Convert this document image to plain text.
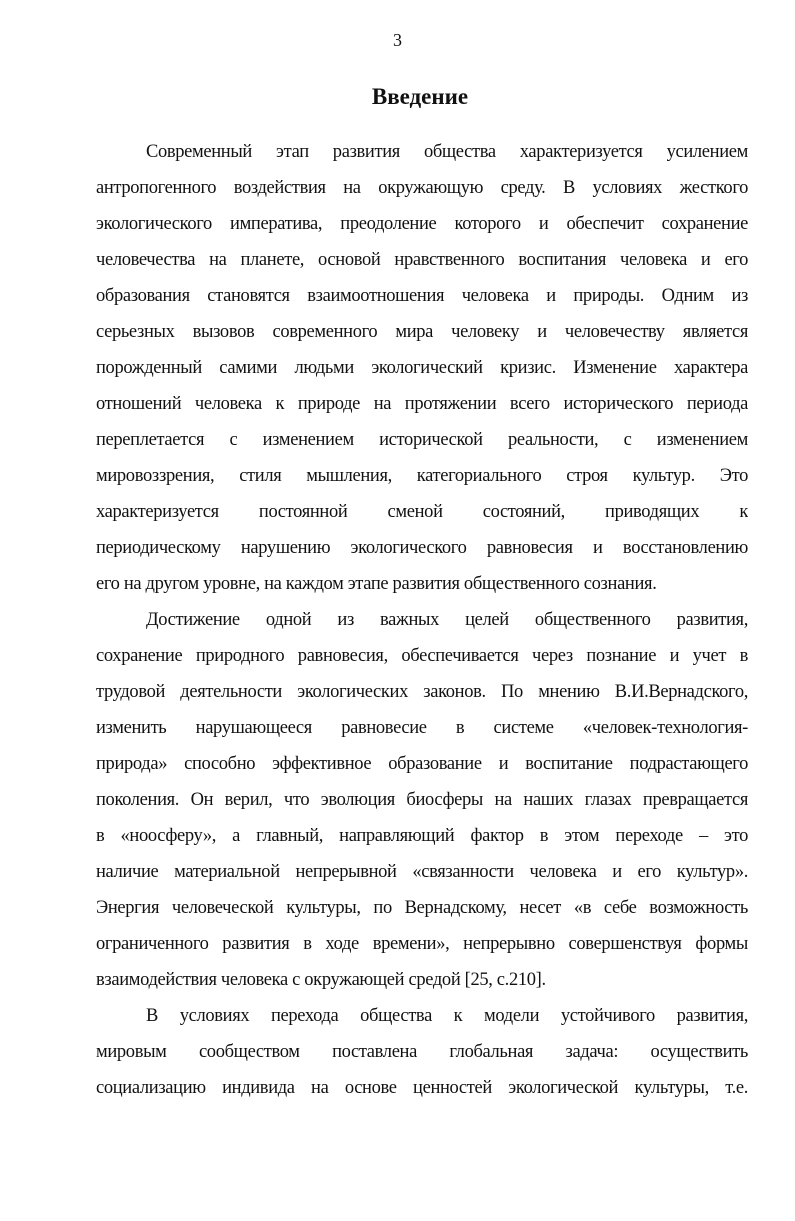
3
Введение
Современный этап развития общества характеризуется усилением
антропогенного воздействия на окружающую среду. В условиях жесткого
экологического императива, преодоление которого и обеспечит сохранение
человечества на планете, основой нравственного воспитания человека и его
образования становятся взаимоотношения человека и природы. Одним из
серьезных вызовов современного мира человеку и человечеству является
порожденный самими людьми экологический кризис. Изменение характера
отношений человека к природе на протяжении всего исторического периода
переплетается с изменением исторической реальности, с изменением
мировоззрения, стиля мышления, категориального строя культур. Это
характеризуется постоянной сменой состояний, приводящих к
периодическому нарушению экологического равновесия и восстановлению
его на другом уровне, на каждом этапе развития общественного сознания.
Достижение одной из важных целей общественного развития,
сохранение природного равновесия, обеспечивается через познание и учет в
трудовой деятельности экологических законов. По мнению В.И.Вернадского,
изменить нарушающееся равновесие в системе «человек-технология-
природа» способно эффективное образование и воспитание подрастающего
поколения. Он верил, что эволюция биосферы на наших глазах превращается
в «ноосферу», а главный, направляющий фактор в этом переходе – это
наличие материальной непрерывной «связанности человека и его культур».
Энергия человеческой культуры, по Вернадскому, несет «в себе возможность
ограниченного развития в ходе времени», непрерывно совершенствуя формы
взаимодействия человека с окружающей средой [25, с.210].
В условиях перехода общества к модели устойчивого развития,
мировым сообществом поставлена глобальная задача: осуществить
социализацию индивида на основе ценностей экологической культуры, т.е.
